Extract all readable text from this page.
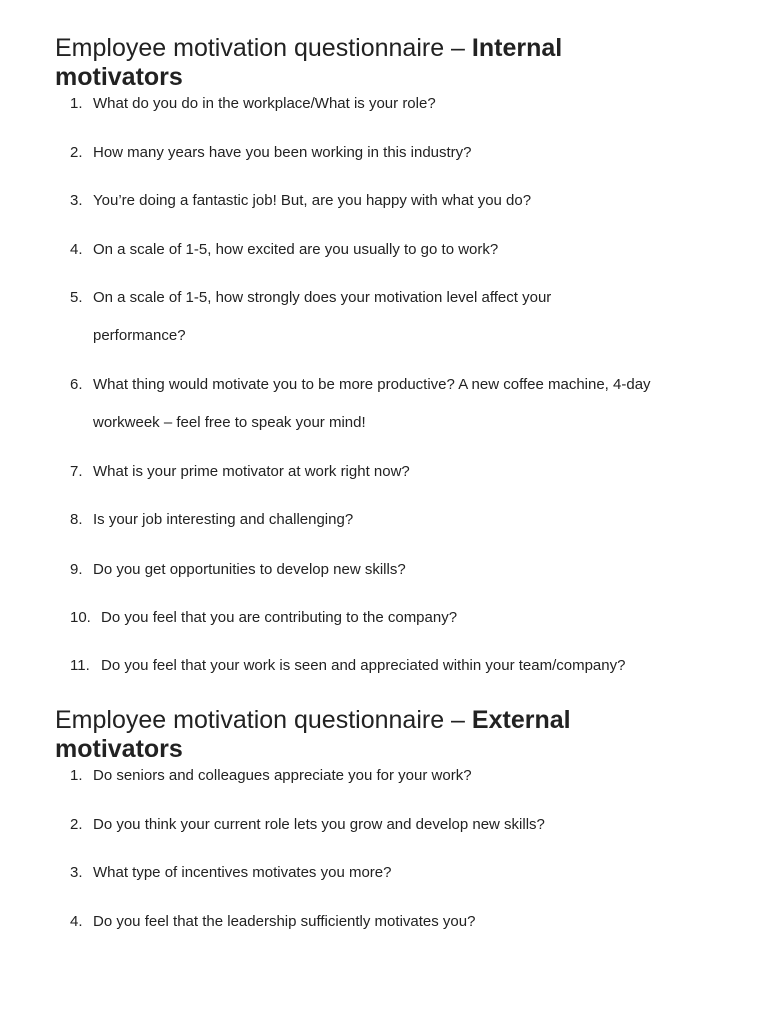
Employee motivation questionnaire – Internal
motivators
1. What do you do in the workplace/What is your role?
2. How many years have you been working in this industry?
3. You’re doing a fantastic job! But, are you happy with what you do?
4. On a scale of 1-5, how excited are you usually to go to work?
5. On a scale of 1-5, how strongly does your motivation level affect your performance?
6. What thing would motivate you to be more productive? A new coffee machine, 4-day workweek – feel free to speak your mind!
7. What is your prime motivator at work right now?
8. Is your job interesting and challenging?
9. Do you get opportunities to develop new skills?
10. Do you feel that you are contributing to the company?
11. Do you feel that your work is seen and appreciated within your team/company?
Employee motivation questionnaire – External
motivators
1. Do seniors and colleagues appreciate you for your work?
2. Do you think your current role lets you grow and develop new skills?
3. What type of incentives motivates you more?
4. Do you feel that the leadership sufficiently motivates you?
